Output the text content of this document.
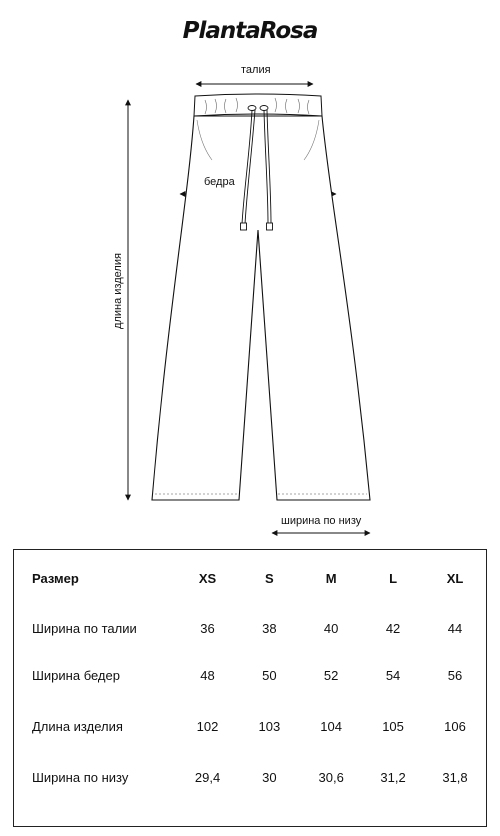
PlantaRosa
талия
бедра
длина изделия
ширина по низу
Размер	XS	S	M	L	XL
Ширина по талии	36	38	40	42	44
Ширина бедер	48	50	52	54	56
Длина изделия	102	103	104	105	106
Ширина по низу	29,4	30	30,6	31,2	31,8
